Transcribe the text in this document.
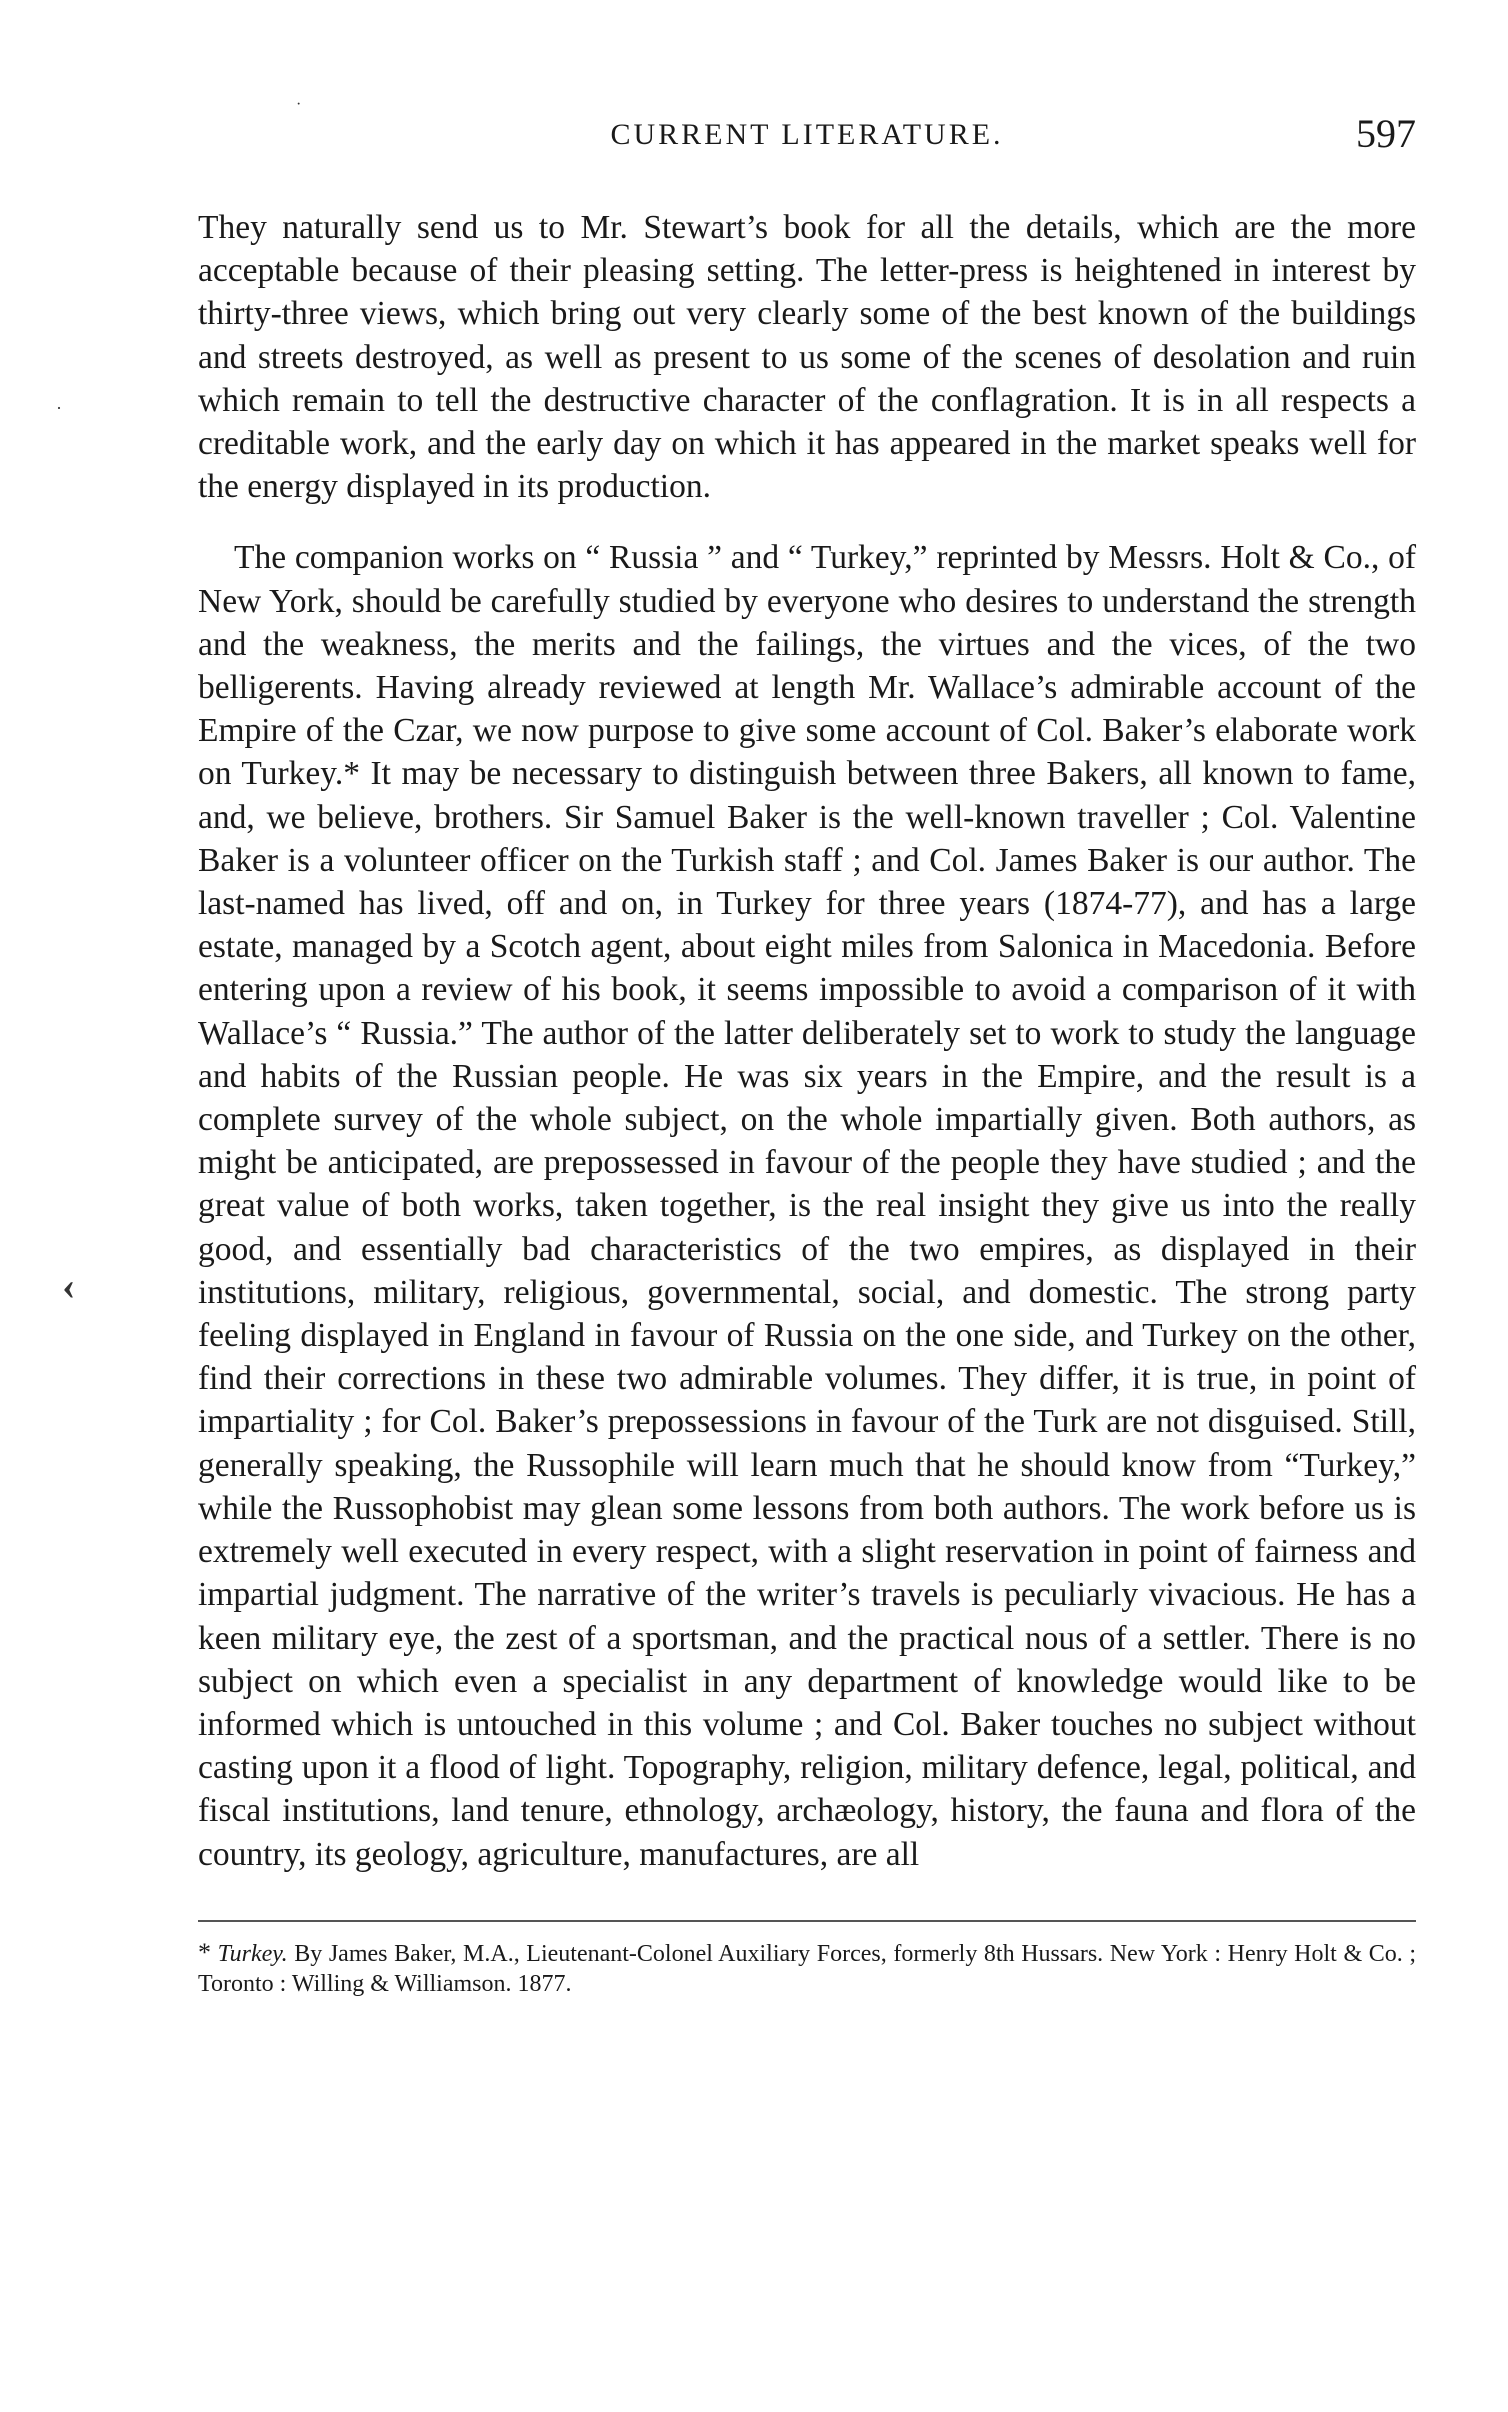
·
·
‹
CURRENT LITERATURE.	597

They naturally send us to Mr. Stewart’s book for all the details, which are the more acceptable because of their pleasing setting. The letter-press is heightened in interest by thirty-three views, which bring out very clearly some of the best known of the buildings and streets destroyed, as well as present to us some of the scenes of desolation and ruin which remain to tell the destructive character of the conflagration. It is in all respects a creditable work, and the early day on which it has appeared in the market speaks well for the energy displayed in its production.

The companion works on “ Russia ” and “ Turkey,” reprinted by Messrs. Holt & Co., of New York, should be carefully studied by everyone who desires to understand the strength and the weakness, the merits and the failings, the virtues and the vices, of the two belligerents. Having already reviewed at length Mr. Wallace’s admirable account of the Empire of the Czar, we now purpose to give some account of Col. Baker’s elaborate work on Turkey.* It may be necessary to distinguish between three Bakers, all known to fame, and, we believe, brothers. Sir Samuel Baker is the well-known traveller ; Col. Valentine Baker is a volunteer officer on the Turkish staff ; and Col. James Baker is our author. The last-named has lived, off and on, in Turkey for three years (1874-77), and has a large estate, managed by a Scotch agent, about eight miles from Salonica in Macedonia. Before entering upon a review of his book, it seems impossible to avoid a comparison of it with Wallace’s “ Russia.” The author of the latter deliberately set to work to study the language and habits of the Russian people. He was six years in the Empire, and the result is a complete survey of the whole subject, on the whole impartially given. Both authors, as might be anticipated, are prepossessed in favour of the people they have studied ; and the great value of both works, taken together, is the real insight they give us into the really good, and essentially bad characteristics of the two empires, as displayed in their institutions, military, religious, governmental, social, and domestic. The strong party feeling displayed in England in favour of Russia on the one side, and Turkey on the other, find their corrections in these two admirable volumes. They differ, it is true, in point of impartiality ; for Col. Baker’s prepossessions in favour of the Turk are not disguised. Still, generally speaking, the Russophile will learn much that he should know from “Turkey,” while the Russophobist may glean some lessons from both authors. The work before us is extremely well executed in every respect, with a slight reservation in point of fairness and impartial judgment. The narrative of the writer’s travels is peculiarly vivacious. He has a keen military eye, the zest of a sportsman, and the practical nous of a settler. There is no subject on which even a specialist in any department of knowledge would like to be informed which is untouched in this volume ; and Col. Baker touches no subject without casting upon it a flood of light. Topography, religion, military defence, legal, political, and fiscal institutions, land tenure, ethnology, archæology, history, the fauna and flora of the country, its geology, agriculture, manufactures, are all

* Turkey. By James Baker, M.A., Lieutenant-Colonel Auxiliary Forces, formerly 8th Hussars. New York : Henry Holt & Co. ; Toronto : Willing & Williamson. 1877.
